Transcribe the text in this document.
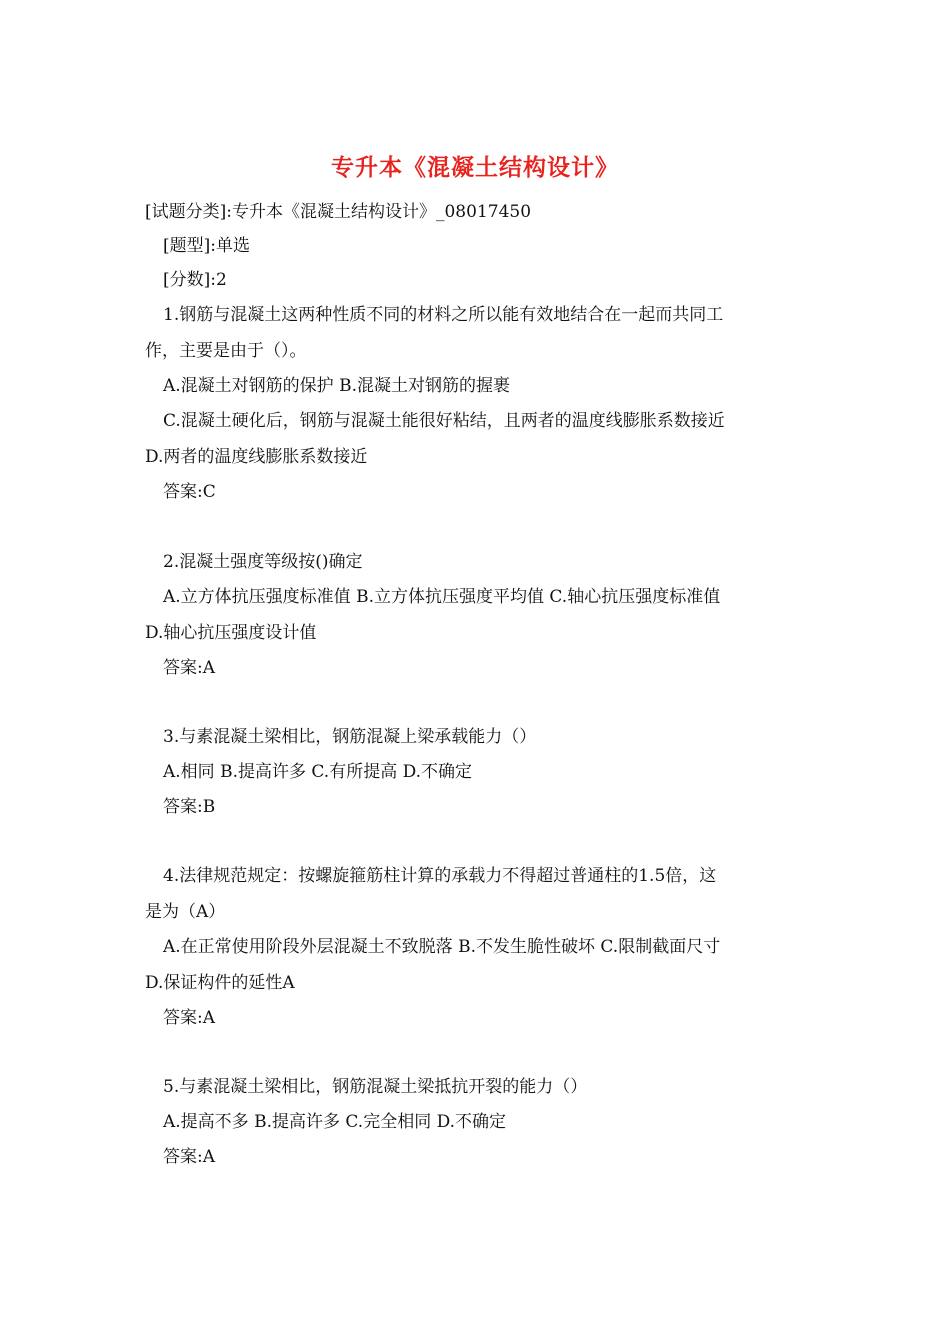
专升本《混凝土结构设计》
[试题分类]:专升本《混凝土结构设计》_08017450
[题型]:单选
[分数]:2
1.钢筋与混凝土这两种性质不同的材料之所以能有效地结合在一起而共同工
作，主要是由于（）。
A.混凝土对钢筋的保护 B.混凝土对钢筋的握裹
C.混凝土硬化后，钢筋与混凝土能很好粘结，且两者的温度线膨胀系数接近
D.两者的温度线膨胀系数接近
答案:C
2.混凝土强度等级按()确定
A.立方体抗压强度标准值 B.立方体抗压强度平均值 C.轴心抗压强度标准值
D.轴心抗压强度设计值
答案:A
3.与素混凝土梁相比，钢筋混凝上梁承载能力（）
A.相同 B.提高许多 C.有所提高 D.不确定
答案:B
4.法律规范规定：按螺旋箍筋柱计算的承载力不得超过普通柱的1.5倍，这
是为（A）
A.在正常使用阶段外层混凝土不致脱落 B.不发生脆性破坏 C.限制截面尺寸
D.保证构件的延性A
答案:A
5.与素混凝土梁相比，钢筋混凝土梁抵抗开裂的能力（）
A.提高不多 B.提高许多 C.完全相同 D.不确定
答案:A
